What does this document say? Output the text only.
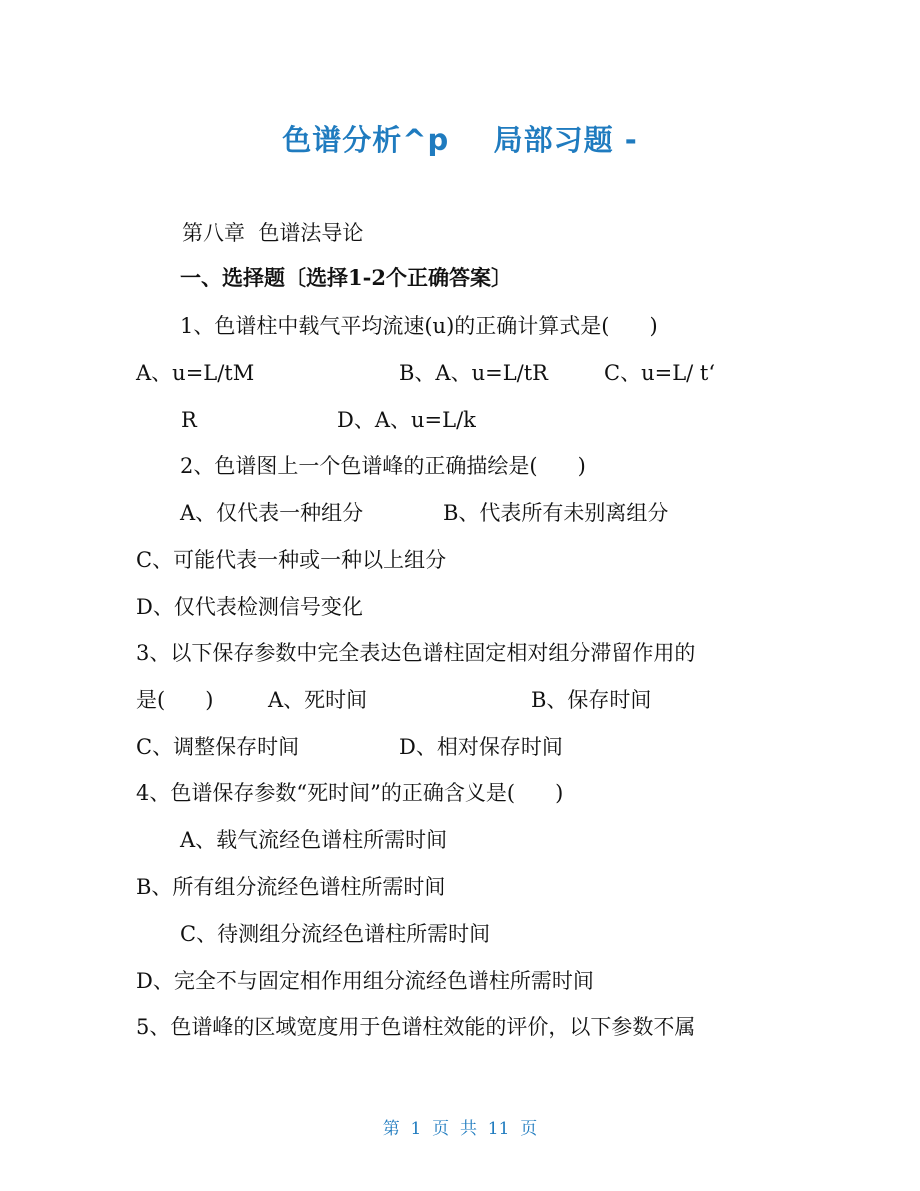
色谱分析^p    局部习题 -
第八章  色谱法导论
一、选择题〔选择1-2个正确答案〕
1、色谱柱中载气平均流速(u)的正确计算式是(      )
A、u=L/tM	B、A、u=L/tR	C、u=L/ t‘
R	D、A、u=L/k
2、色谱图上一个色谱峰的正确描绘是(      )
A、仅代表一种组分	B、代表所有未别离组分
C、可能代表一种或一种以上组分
D、仅代表检测信号变化
3、以下保存参数中完全表达色谱柱固定相对组分滞留作用的
是(      )	A、死时间	B、保存时间
C、调整保存时间	D、相对保存时间
4、色谱保存参数“死时间”的正确含义是(      )
A、载气流经色谱柱所需时间
B、所有组分流经色谱柱所需时间
C、待测组分流经色谱柱所需时间
D、完全不与固定相作用组分流经色谱柱所需时间
5、色谱峰的区域宽度用于色谱柱效能的评价，以下参数不属
第  1  页  共  11  页
